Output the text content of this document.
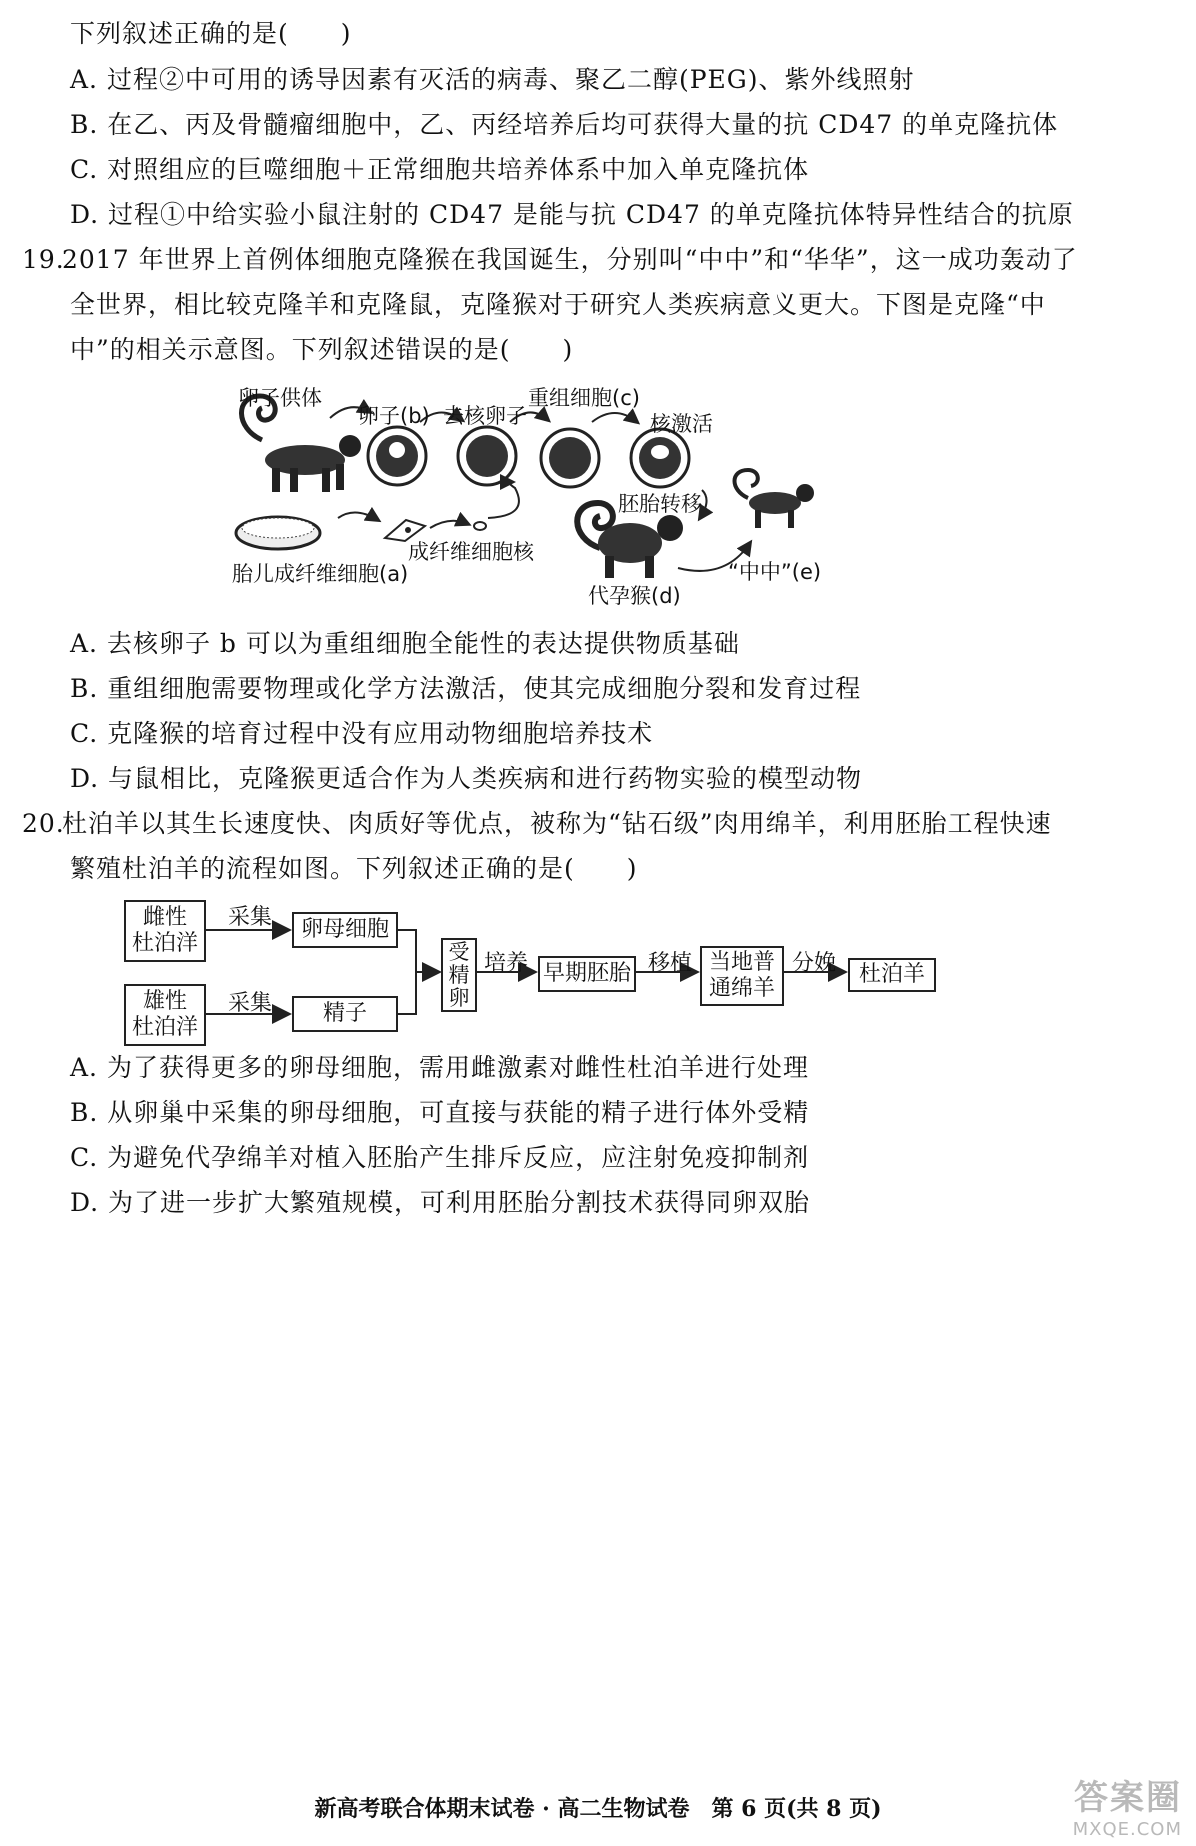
下列叙述正确的是(　　)
A. 过程②中可用的诱导因素有灭活的病毒、聚乙二醇(PEG)、紫外线照射
B. 在乙、丙及骨髓瘤细胞中，乙、丙经培养后均可获得大量的抗 CD47 的单克隆抗体
C. 对照组应的巨噬细胞＋正常细胞共培养体系中加入单克隆抗体
D. 过程①中给实验小鼠注射的 CD47 是能与抗 CD47 的单克隆抗体特异性结合的抗原
19.
2017 年世界上首例体细胞克隆猴在我国诞生，分别叫“中中”和“华华”，这一成功轰动了
全世界，相比较克隆羊和克隆鼠，克隆猴对于研究人类疾病意义更大。下图是克隆“中
中”的相关示意图。下列叙述错误的是(　　)
卵子供体
卵子(b) 去核卵子
重组细胞(c)
核激活
成纤维细胞核
胎儿成纤维细胞(a)
胚胎转移
代孕猴(d)
“中中”(e)
A. 去核卵子 b 可以为重组细胞全能性的表达提供物质基础
B. 重组细胞需要物理或化学方法激活，使其完成细胞分裂和发育过程
C. 克隆猴的培育过程中没有应用动物细胞培养技术
D. 与鼠相比，克隆猴更适合作为人类疾病和进行药物实验的模型动物
20.
杜泊羊以其生长速度快、肉质好等优点，被称为“钻石级”肉用绵羊，利用胚胎工程快速
繁殖杜泊羊的流程如图。下列叙述正确的是(　　)
雌性
杜泊洋
雄性
杜泊洋
采集
采集
卵母细胞
精子
受
精
卵
培养 早期胚胎 移植 当地普
通绵羊
分娩	杜泊羊
A. 为了获得更多的卵母细胞，需用雌激素对雌性杜泊羊进行处理
B. 从卵巢中采集的卵母细胞，可直接与获能的精子进行体外受精
C. 为避免代孕绵羊对植入胚胎产生排斥反应，应注射免疫抑制剂
D. 为了进一步扩大繁殖规模，可利用胚胎分割技术获得同卵双胎
新高考联合体期末试卷 · 高二生物试卷　第 6 页(共 8 页)	答案圈
MXQE.COM
